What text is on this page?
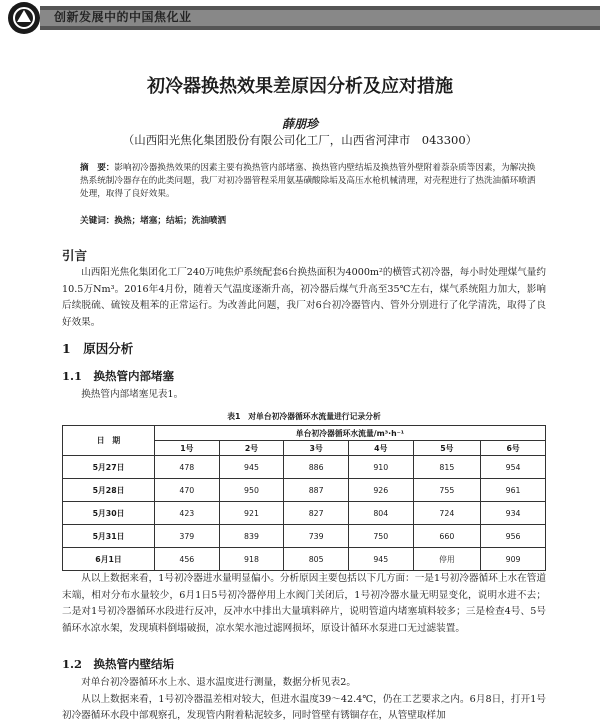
创新发展中的中国焦化业
初冷器换热效果差原因分析及应对措施
薛朋珍
（山西阳光焦化集团股份有限公司化工厂，山西省河津市　043300）
摘　要：影响初冷器换热效果的因素主要有换热管内部堵塞、换热管内壁结垢及换热管外壁附着萘杂质等因素，为解决换热系统制冷器存在的此类问题，我厂对初冷器管程采用氨基磺酸除垢及高压水枪机械清理，对壳程进行了热洗油循环喷洒处理，取得了良好效果。
关键词：换热；堵塞；结垢；洗油喷洒
引言

山西阳光焦化集团化工厂240万吨焦炉系统配套6台换热面积为4000m²的横管式初冷器，每小时处理煤气量约10.5万Nm³。2016年4月份，随着天气温度逐渐升高，初冷器后煤气升高至35℃左右，煤气系统阻力加大，影响后续脱硫、硫铵及粗苯的正常运行。为改善此问题，我厂对6台初冷器管内、管外分别进行了化学清洗，取得了良好效果。

1　原因分析
1.1　换热管内部堵塞

换热管内部堵塞见表1。

表1　对单台初冷器循环水流量进行记录分析
日　期	单台初冷器循环水流量/m³·h⁻¹					
	1号	2号	3号	4号	5号	6号
5月27日	478	945	886	910	815	954
5月28日	470	950	887	926	755	961
5月30日	423	921	827	804	724	934
5月31日	379	839	739	750	660	956
6月1日	456	918	805	945	停用	909

从以上数据来看，1号初冷器进水量明显偏小。分析原因主要包括以下几方面：一是1号初冷器循环上水在管道末端，相对分布水量较少，6月1日5号初冷器停用上水阀门关闭后，1号初冷器水量无明显变化，说明水进不去；二是对1号初冷器循环水段进行反冲，反冲水中排出大量填料碎片，说明管道内堵塞填料较多；三是检查4号、5号循环水凉水架，发现填料倒塌破损，凉水架水池过滤网损坏，原设计循环水泵进口无过滤装置。

1.2　换热管内壁结垢

对单台初冷器循环水上水、退水温度进行测量，数据分析见表2。

从以上数据来看，1号初冷器温差相对较大，但进水温度39～42.4℃，仍在工艺要求之内。6月8日，打开1号初冷器循环水段中部观察孔，发现管内附着粘泥较多，同时管壁有锈锢存在，从管壁取样加
